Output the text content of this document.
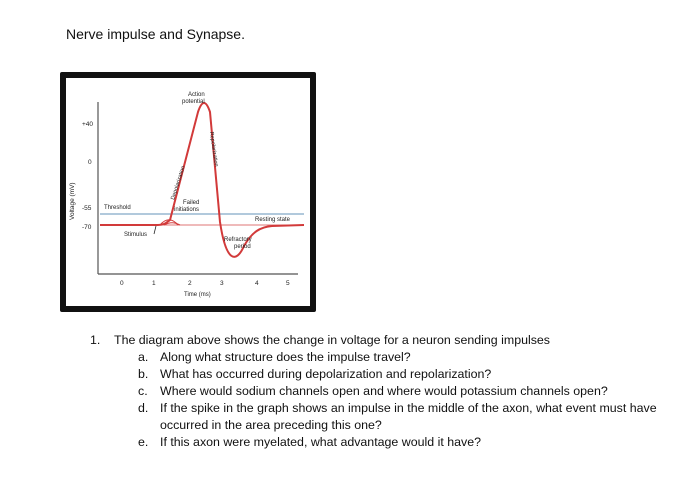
Nerve impulse and Synapse.
Voltage (mV)
+40
0
-55
-70
0	1	2	3	4	5
Time (ms)
Action
potential
Depolarization
Repolarization
Threshold
Failed
initiations
Resting state
Refractory
period
Stimulus
1. The diagram above shows the change in voltage for a neuron sending impulses
a. Along what structure does the impulse travel?
b. What has occurred during depolarization and repolarization?
c. Where would sodium channels open and where would potassium channels open?
d. If the spike in the graph shows an impulse in the middle of the axon, what event must have occurred in the area preceding this one?
e. If this axon were myelated, what advantage would it have?
